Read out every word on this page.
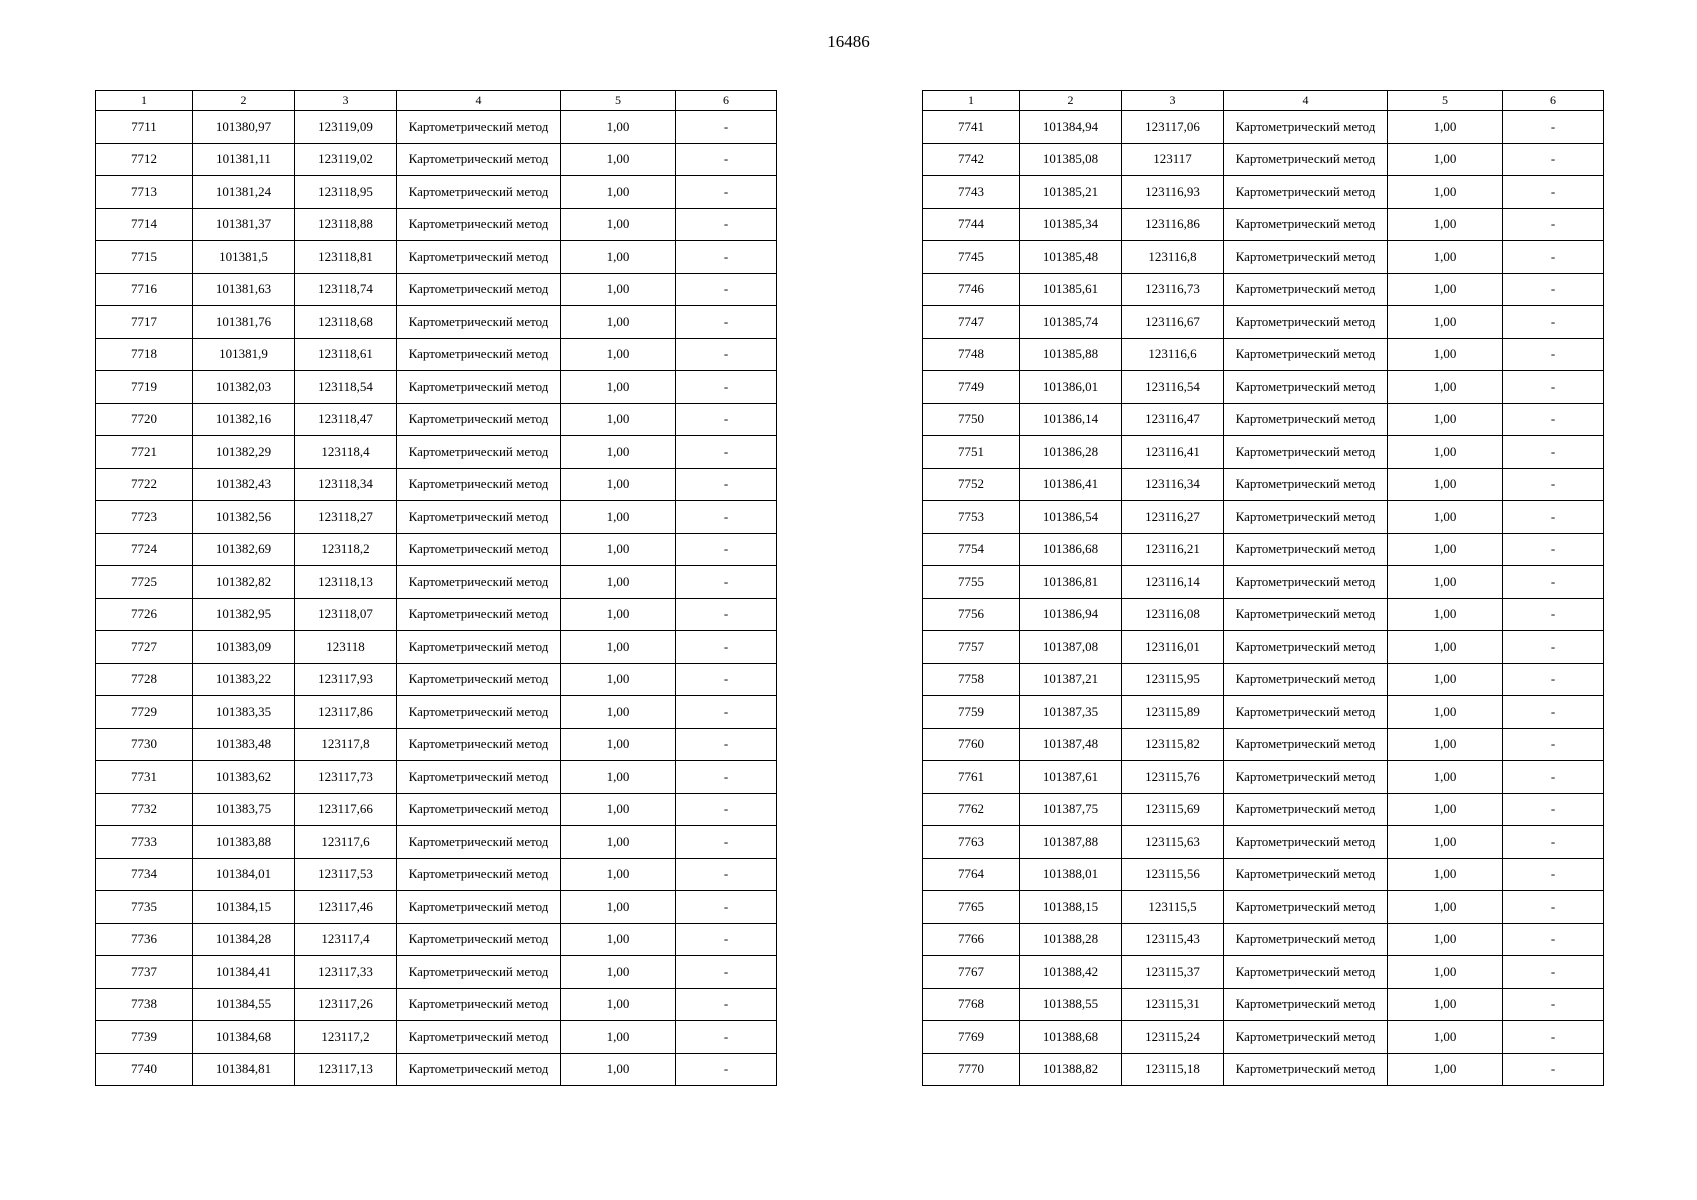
16486
1	2	3	4	5	6
7711	101380,97	123119,09	Картометрический метод	1,00	-
7712	101381,11	123119,02	Картометрический метод	1,00	-
7713	101381,24	123118,95	Картометрический метод	1,00	-
7714	101381,37	123118,88	Картометрический метод	1,00	-
7715	101381,5	123118,81	Картометрический метод	1,00	-
7716	101381,63	123118,74	Картометрический метод	1,00	-
7717	101381,76	123118,68	Картометрический метод	1,00	-
7718	101381,9	123118,61	Картометрический метод	1,00	-
7719	101382,03	123118,54	Картометрический метод	1,00	-
7720	101382,16	123118,47	Картометрический метод	1,00	-
7721	101382,29	123118,4	Картометрический метод	1,00	-
7722	101382,43	123118,34	Картометрический метод	1,00	-
7723	101382,56	123118,27	Картометрический метод	1,00	-
7724	101382,69	123118,2	Картометрический метод	1,00	-
7725	101382,82	123118,13	Картометрический метод	1,00	-
7726	101382,95	123118,07	Картометрический метод	1,00	-
7727	101383,09	123118	Картометрический метод	1,00	-
7728	101383,22	123117,93	Картометрический метод	1,00	-
7729	101383,35	123117,86	Картометрический метод	1,00	-
7730	101383,48	123117,8	Картометрический метод	1,00	-
7731	101383,62	123117,73	Картометрический метод	1,00	-
7732	101383,75	123117,66	Картометрический метод	1,00	-
7733	101383,88	123117,6	Картометрический метод	1,00	-
7734	101384,01	123117,53	Картометрический метод	1,00	-
7735	101384,15	123117,46	Картометрический метод	1,00	-
7736	101384,28	123117,4	Картометрический метод	1,00	-
7737	101384,41	123117,33	Картометрический метод	1,00	-
7738	101384,55	123117,26	Картометрический метод	1,00	-
7739	101384,68	123117,2	Картометрический метод	1,00	-
7740	101384,81	123117,13	Картометрический метод	1,00	-
1	2	3	4	5	6
7741	101384,94	123117,06	Картометрический метод	1,00	-
7742	101385,08	123117	Картометрический метод	1,00	-
7743	101385,21	123116,93	Картометрический метод	1,00	-
7744	101385,34	123116,86	Картометрический метод	1,00	-
7745	101385,48	123116,8	Картометрический метод	1,00	-
7746	101385,61	123116,73	Картометрический метод	1,00	-
7747	101385,74	123116,67	Картометрический метод	1,00	-
7748	101385,88	123116,6	Картометрический метод	1,00	-
7749	101386,01	123116,54	Картометрический метод	1,00	-
7750	101386,14	123116,47	Картометрический метод	1,00	-
7751	101386,28	123116,41	Картометрический метод	1,00	-
7752	101386,41	123116,34	Картометрический метод	1,00	-
7753	101386,54	123116,27	Картометрический метод	1,00	-
7754	101386,68	123116,21	Картометрический метод	1,00	-
7755	101386,81	123116,14	Картометрический метод	1,00	-
7756	101386,94	123116,08	Картометрический метод	1,00	-
7757	101387,08	123116,01	Картометрический метод	1,00	-
7758	101387,21	123115,95	Картометрический метод	1,00	-
7759	101387,35	123115,89	Картометрический метод	1,00	-
7760	101387,48	123115,82	Картометрический метод	1,00	-
7761	101387,61	123115,76	Картометрический метод	1,00	-
7762	101387,75	123115,69	Картометрический метод	1,00	-
7763	101387,88	123115,63	Картометрический метод	1,00	-
7764	101388,01	123115,56	Картометрический метод	1,00	-
7765	101388,15	123115,5	Картометрический метод	1,00	-
7766	101388,28	123115,43	Картометрический метод	1,00	-
7767	101388,42	123115,37	Картометрический метод	1,00	-
7768	101388,55	123115,31	Картометрический метод	1,00	-
7769	101388,68	123115,24	Картометрический метод	1,00	-
7770	101388,82	123115,18	Картометрический метод	1,00	-
